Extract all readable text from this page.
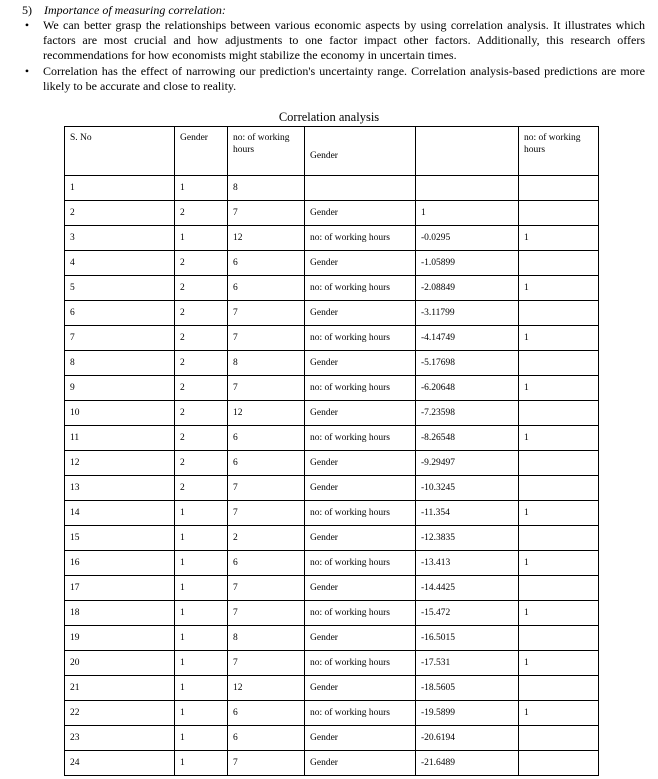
5) Importance of measuring correlation:
• We can better grasp the relationships between various economic aspects by using correlation analysis. It illustrates which factors are most crucial and how adjustments to one factor impact other factors. Additionally, this research offers recommendations for how economists might stabilize the economy in uncertain times.
• Correlation has the effect of narrowing our prediction's uncertainty range. Correlation analysis-based predictions are more likely to be accurate and close to reality.
Correlation analysis
S. No	Gender	no: of working hours	Gender		no: of working hours
1	1	8			
2	2	7	Gender	1	
3	1	12	no: of working hours	-0.0295	1
4	2	6	Gender	-1.05899	
5	2	6	no: of working hours	-2.08849	1
6	2	7	Gender	-3.11799	
7	2	7	no: of working hours	-4.14749	1
8	2	8	Gender	-5.17698	
9	2	7	no: of working hours	-6.20648	1
10	2	12	Gender	-7.23598	
11	2	6	no: of working hours	-8.26548	1
12	2	6	Gender	-9.29497	
13	2	7	Gender	-10.3245	
14	1	7	no: of working hours	-11.354	1
15	1	2	Gender	-12.3835	
16	1	6	no: of working hours	-13.413	1
17	1	7	Gender	-14.4425	
18	1	7	no: of working hours	-15.472	1
19	1	8	Gender	-16.5015	
20	1	7	no: of working hours	-17.531	1
21	1	12	Gender	-18.5605	
22	1	6	no: of working hours	-19.5899	1
23	1	6	Gender	-20.6194	
24	1	7	Gender	-21.6489	
